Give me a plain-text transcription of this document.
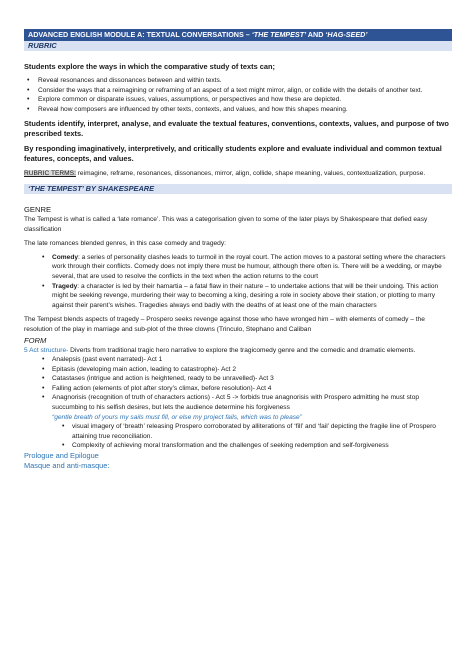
ADVANCED ENGLISH MODULE A: TEXTUAL CONVERSATIONS – ‘THE TEMPEST’ AND ‘HAG-SEED’
RUBRIC
Students explore the ways in which the comparative study of texts can;
• Reveal resonances and dissonances between and within texts.
• Consider the ways that a reimagining or reframing of an aspect of a text might mirror, align, or collide with the details of another text.
• Explore common or disparate issues, values, assumptions, or perspectives and how these are depicted.
• Reveal how composers are influenced by other texts, contexts, and values, and how this shapes meaning.
Students identify, interpret, analyse, and evaluate the textual features, conventions, contexts, values, and purpose of two prescribed texts.
By responding imaginatively, interpretively, and critically students explore and evaluate individual and common textual features, concepts, and values.
RUBRIC TERMS: reimagine, reframe, resonances, dissonances, mirror, align, collide, shape meaning, values, contextualization, purpose.
‘THE TEMPEST’ BY SHAKESPEARE
GENRE
The Tempest is what is called a ‘late romance’. This was a categorisation given to some of the later plays by Shakespeare that defied easy classification
The late romances blended genres, in this case comedy and tragedy:
• Comedy: a series of personality clashes leads to turmoil in the royal court. The action moves to a pastoral setting where the characters work through their conflicts. Comedy does not imply there must be humour, although there often is. There will be a wedding, or maybe several, that are used to resolve the conflicts in the text when the action returns to the court
• Tragedy: a character is led by their hamartia – a fatal flaw in their nature – to undertake actions that will be their undoing. This action might be seeking revenge, murdering their way to becoming a king, desiring a role in society above their station, or plotting to marry against their parent’s wishes. Tragedies always end badly with the deaths of at least one of the main characters
The Tempest blends aspects of tragedy – Prospero seeks revenge against those who have wronged him – with elements of comedy – the resolution of the play in marriage and sub-plot of the three clowns (Trinculo, Stephano and Caliban
FORM
5 Act structure- Diverts from traditional tragic hero narrative to explore the tragicomedy genre and the comedic and dramatic elements.
• Analepsis (past event narrated)- Act 1
• Epitasis (developing main action, leading to catastrophe)- Act 2
• Catastases (intrigue and action is heightened, ready to be unravelled)- Act 3
• Falling action (elements of plot after story’s climax, before resolution)- Act 4
• Anagnorisis (recognition of truth of characters actions) - Act 5 -> forbids true anagnorisis with Prospero admitting he must stop succumbing to his selfish desires, but lets the audience determine his forgiveness
“gentle breath of yours my sails must fill, or else my project fails, which was to please”
• visual imagery of ‘breath’ releasing Prospero corroborated by alliterations of ‘fill’ and ‘fail’ depicting the fragile line of Prospero attaining true reconciliation.
• Complexity of achieving moral transformation and the challenges of seeking redemption and self-forgiveness
Prologue and Epilogue
Masque and anti-masque:
